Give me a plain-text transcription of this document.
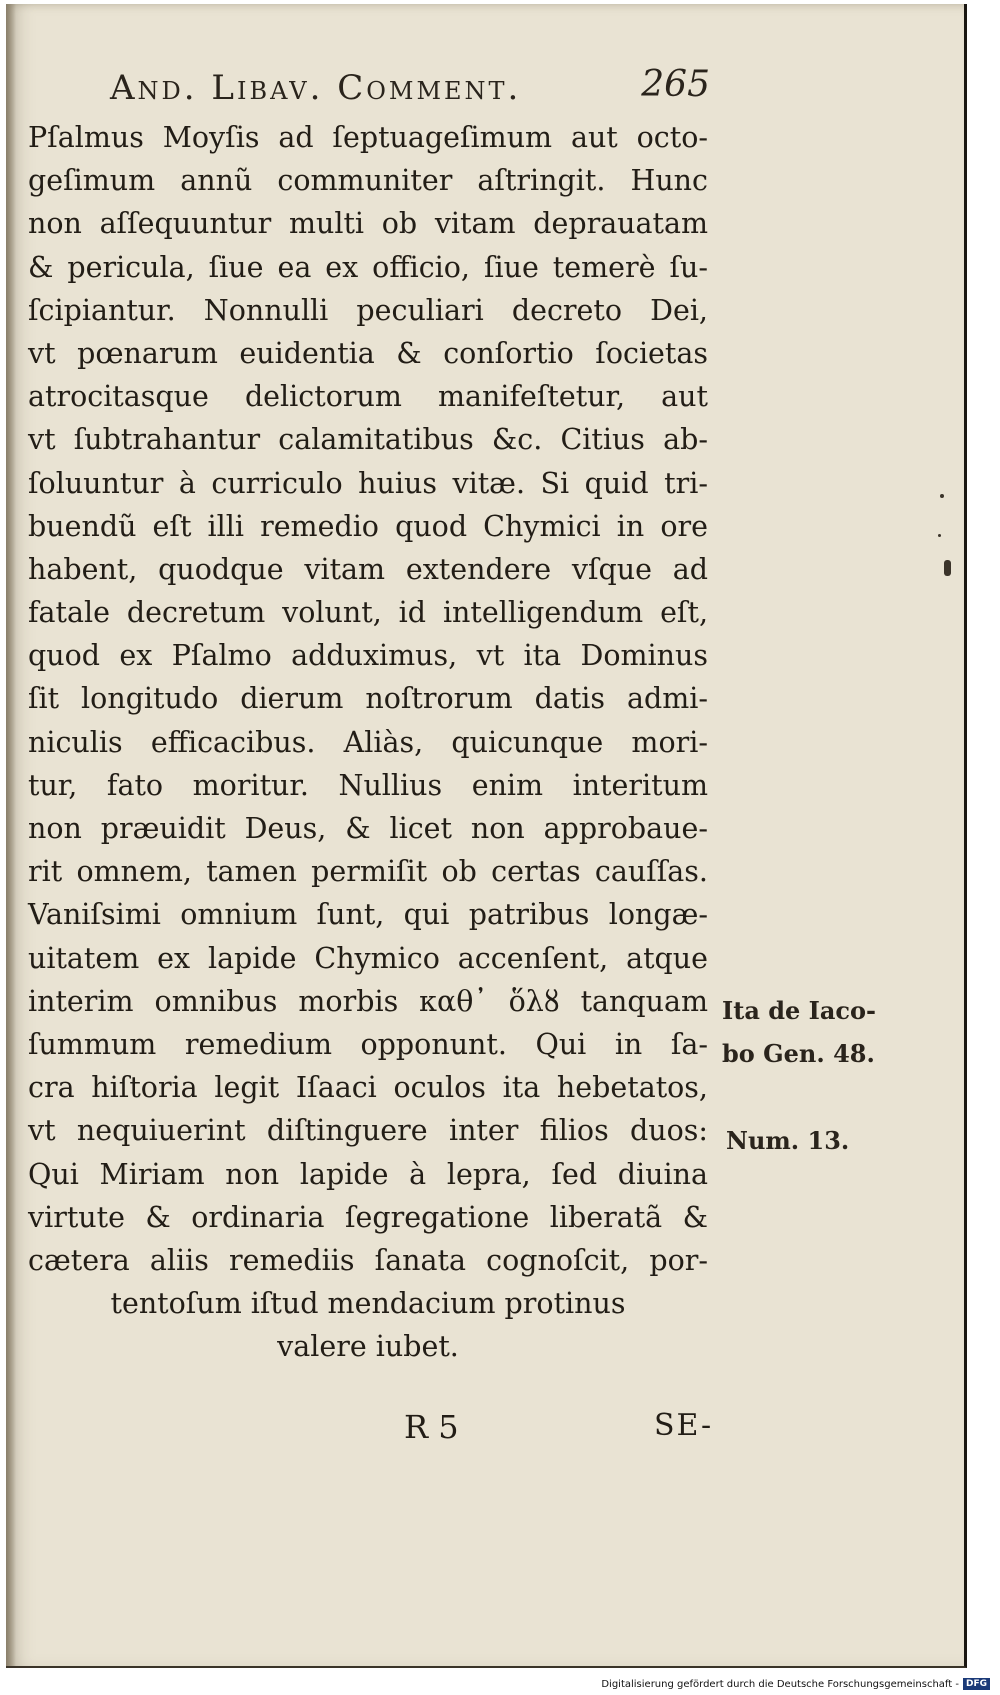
And. Libav. Comment.	265
Pſalmus Moyſis ad ſeptuageſimum aut octo-
geſimum annũ communiter aſtringit. Hunc
non aſſequuntur multi ob vitam deprauatam
& pericula, ſiue ea ex officio, ſiue temerè ſu-
ſcipiantur. Nonnulli peculiari decreto Dei,
vt pœnarum euidentia & conſortio ſocietas
atrocitasque delictorum manifeſtetur, aut
vt ſubtrahantur calamitatibus &c. Citius ab-
ſoluuntur à curriculo huius vitæ. Si quid tri-
buendũ eſt illi remedio quod Chymici in ore
habent, quodque vitam extendere vſque ad
fatale decretum volunt, id intelligendum eſt,
quod ex Pſalmo adduximus, vt ita Dominus
ſit longitudo dierum noſtrorum datis admi-
niculis efficacibus. Aliàs, quicunque mori-
tur, fato moritur. Nullius enim interitum
non præuidit Deus, & licet non approbaue-
rit omnem, tamen permiſit ob certas cauſſas.
Vaniſsimi omnium ſunt, qui patribus longæ-
uitatem ex lapide Chymico accenſent, atque
interim omnibus morbis καθ᾽ ὅλȣ tanquam
ſummum remedium opponunt. Qui in ſa-
cra hiſtoria legit Iſaaci oculos ita hebetatos,
vt nequiuerint diſtinguere inter filios duos:
Qui Miriam non lapide à lepra, ſed diuina
virtute & ordinaria ſegregatione liberatã &
cætera aliis remediis ſanata cognoſcit, por-
tentoſum iſtud mendacium protinus
valere iubet.
Ita de Iaco-
bo Gen. 48.
Num. 13.
R 5	SE-
Digitalisierung gefördert durch die Deutsche Forschungsgemeinschaft - DFG
